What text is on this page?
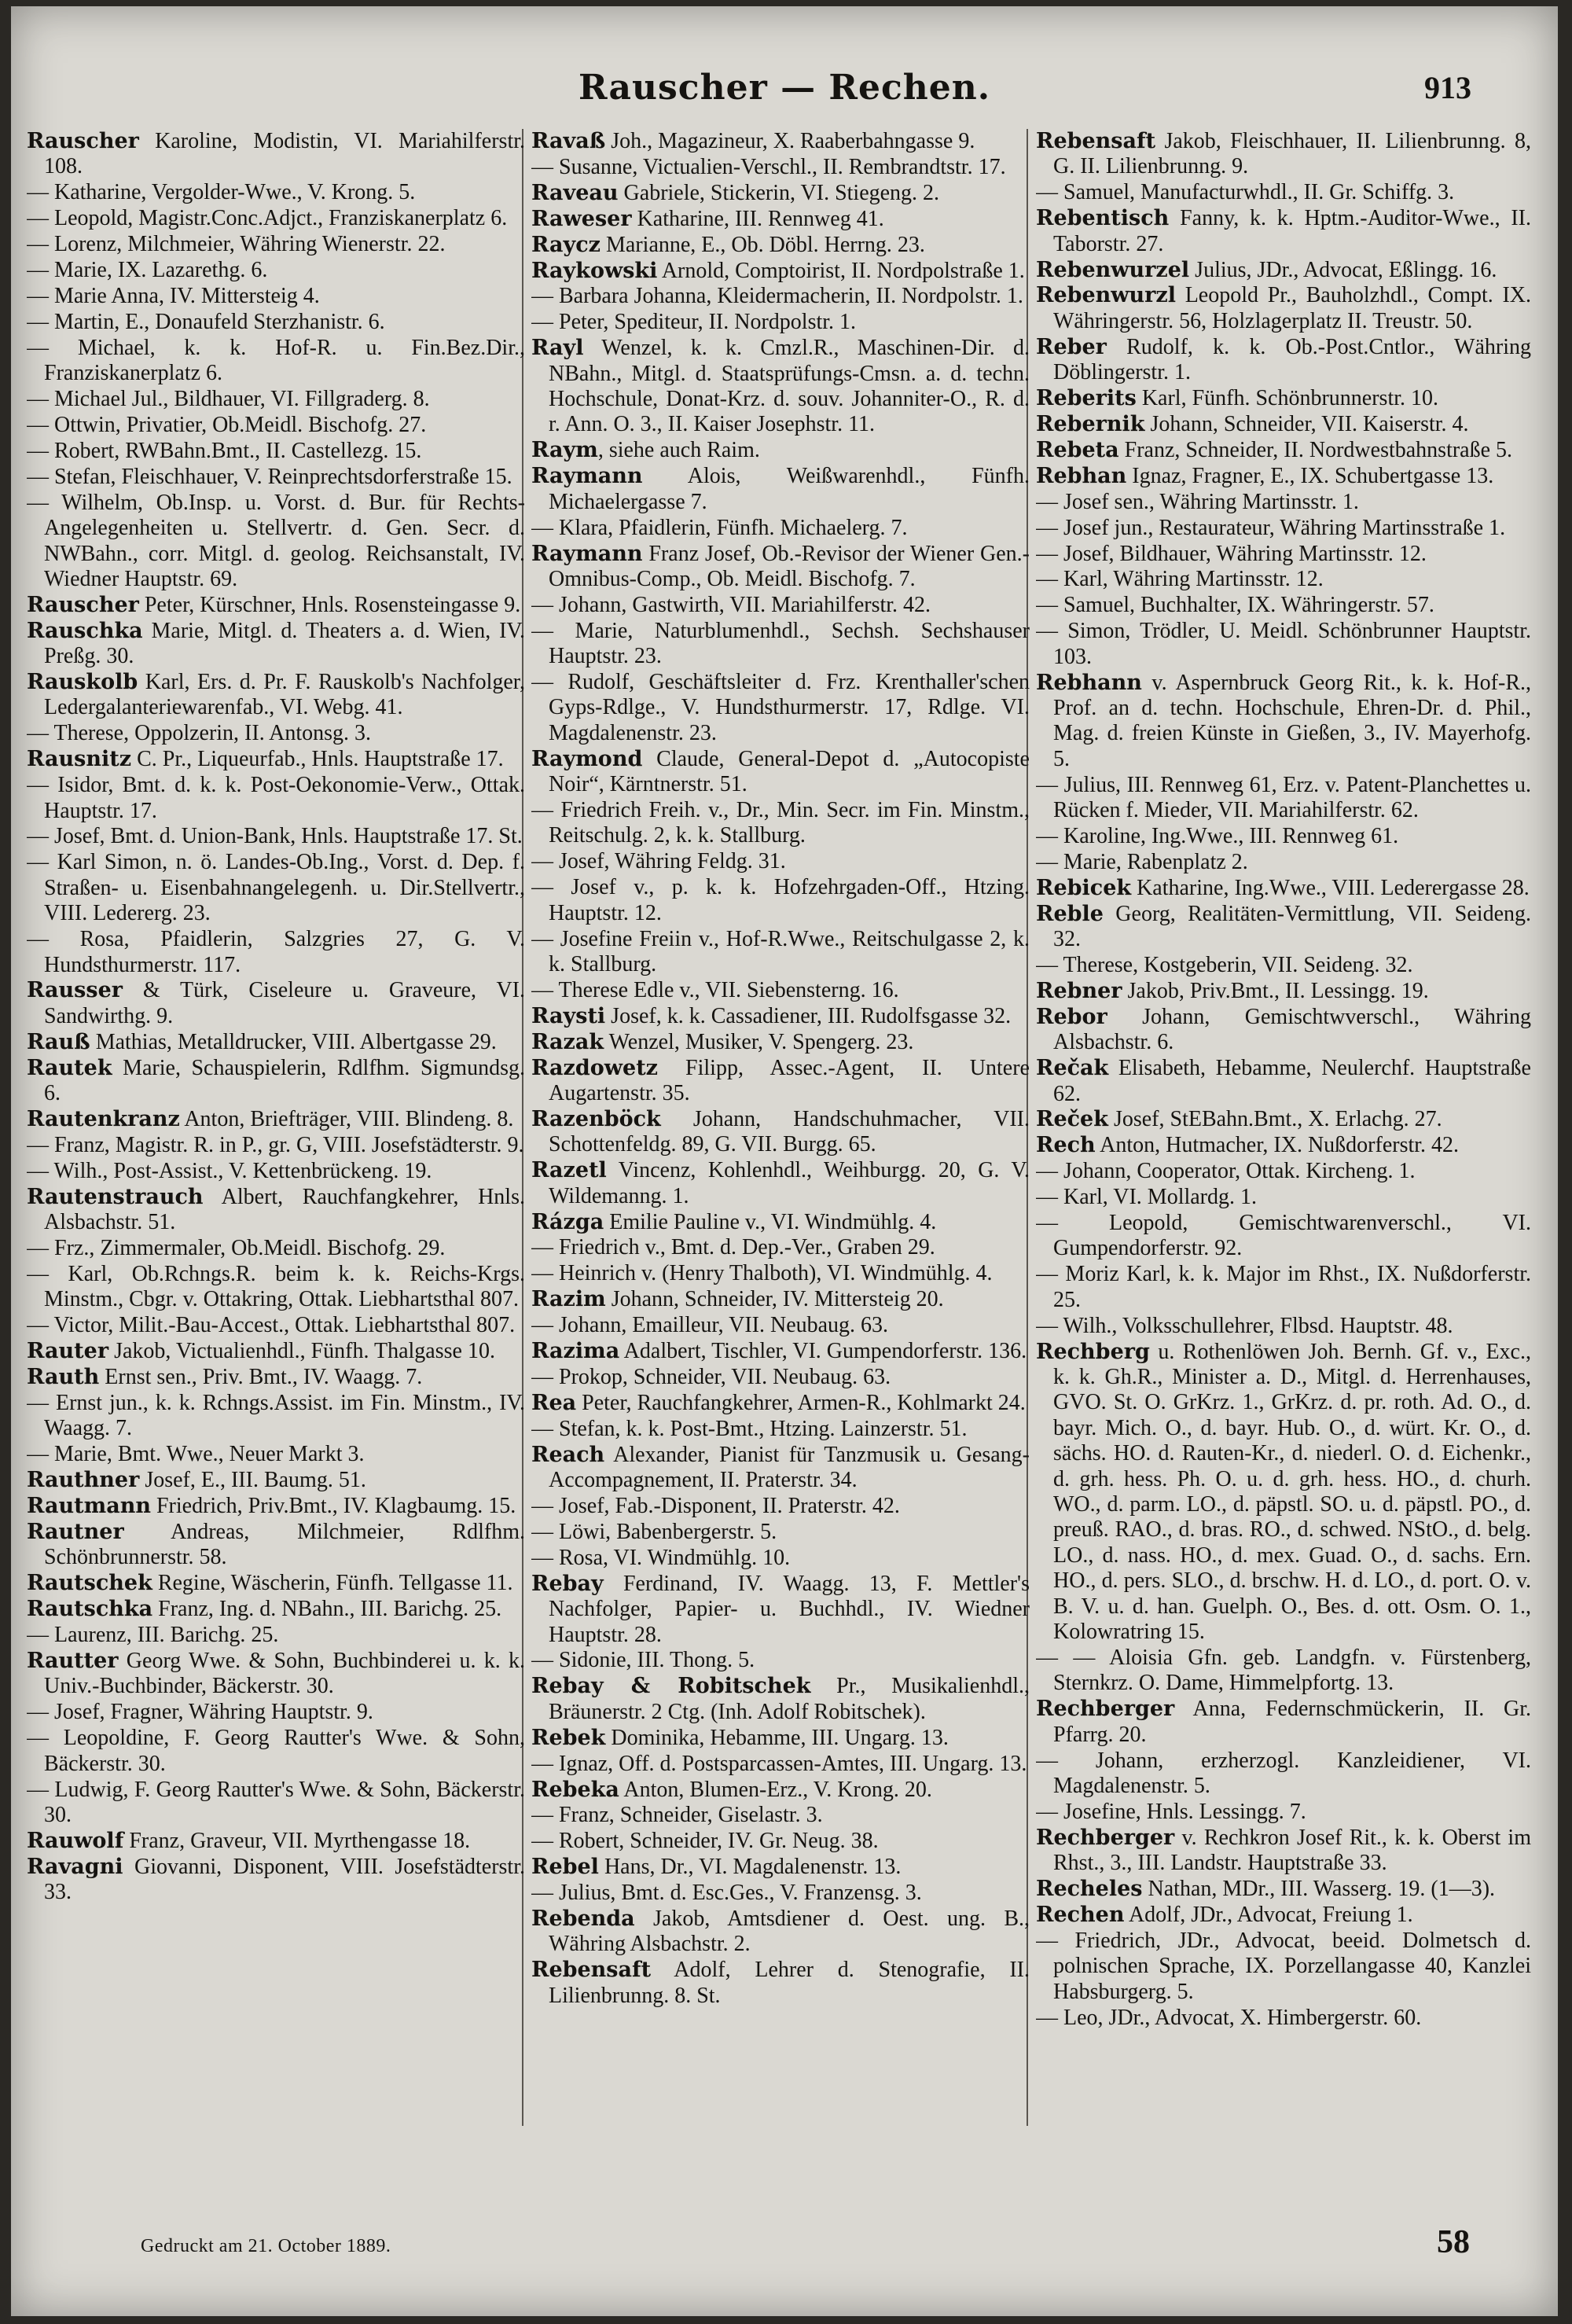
Rauscher — Rechen.	913

Rauscher Karoline, Modistin, VI. Mariahilferstr. 108.

— Katharine, Vergolder-Wwe., V. Krong. 5.

— Leopold, Magistr.Conc.Adjct., Franziskanerplatz 6.

— Lorenz, Milchmeier, Währing Wienerstr. 22.

— Marie, IX. Lazarethg. 6.

— Marie Anna, IV. Mittersteig 4.

— Martin, E., Donaufeld Sterzhanistr. 6.

— Michael, k. k. Hof-R. u. Fin.Bez.Dir., Franziskanerplatz 6.

— Michael Jul., Bildhauer, VI. Fillgraderg. 8.

— Ottwin, Privatier, Ob.Meidl. Bischofg. 27.

— Robert, RWBahn.Bmt., II. Castellezg. 15.

— Stefan, Fleischhauer, V. Reinprechtsdorferstraße 15.

— Wilhelm, Ob.Insp. u. Vorst. d. Bur. für Rechts-Angelegenheiten u. Stellvertr. d. Gen. Secr. d. NWBahn., corr. Mitgl. d. geolog. Reichsanstalt, IV. Wiedner Hauptstr. 69.

Rauscher Peter, Kürschner, Hnls. Rosensteingasse 9.

Rauschka Marie, Mitgl. d. Theaters a. d. Wien, IV. Preßg. 30.

Rauskolb Karl, Ers. d. Pr. F. Rauskolb's Nachfolger, Ledergalanteriewarenfab., VI. Webg. 41.

— Therese, Oppolzerin, II. Antonsg. 3.

Rausnitz C. Pr., Liqueurfab., Hnls. Hauptstraße 17.

— Isidor, Bmt. d. k. k. Post-Oekonomie-Verw., Ottak. Hauptstr. 17.

— Josef, Bmt. d. Union-Bank, Hnls. Hauptstraße 17. St.

— Karl Simon, n. ö. Landes-Ob.Ing., Vorst. d. Dep. f. Straßen- u. Eisenbahnangelegenh. u. Dir.Stellvertr., VIII. Ledererg. 23.

— Rosa, Pfaidlerin, Salzgries 27, G. V. Hundsthurmerstr. 117.

Rausser & Türk, Ciseleure u. Graveure, VI. Sandwirthg. 9.

Rauß Mathias, Metalldrucker, VIII. Albertgasse 29.

Rautek Marie, Schauspielerin, Rdlfhm. Sigmundsg. 6.

Rautenkranz Anton, Briefträger, VIII. Blindeng. 8.

— Franz, Magistr. R. in P., gr. G, VIII. Josefstädterstr. 9.

— Wilh., Post-Assist., V. Kettenbrückeng. 19.

Rautenstrauch Albert, Rauchfangkehrer, Hnls. Alsbachstr. 51.

— Frz., Zimmermaler, Ob.Meidl. Bischofg. 29.

— Karl, Ob.Rchngs.R. beim k. k. Reichs-Krgs. Minstm., Cbgr. v. Ottakring, Ottak. Liebhartsthal 807.

— Victor, Milit.-Bau-Accest., Ottak. Liebhartsthal 807.

Rauter Jakob, Victualienhdl., Fünfh. Thalgasse 10.

Rauth Ernst sen., Priv. Bmt., IV. Waagg. 7.

— Ernst jun., k. k. Rchngs.Assist. im Fin. Minstm., IV. Waagg. 7.

— Marie, Bmt. Wwe., Neuer Markt 3.

Rauthner Josef, E., III. Baumg. 51.

Rautmann Friedrich, Priv.Bmt., IV. Klagbaumg. 15.

Rautner Andreas, Milchmeier, Rdlfhm. Schönbrunnerstr. 58.

Rautschek Regine, Wäscherin, Fünfh. Tellgasse 11.

Rautschka Franz, Ing. d. NBahn., III. Barichg. 25.

— Laurenz, III. Barichg. 25.

Rautter Georg Wwe. & Sohn, Buchbinderei u. k. k. Univ.-Buchbinder, Bäckerstr. 30.

— Josef, Fragner, Währing Hauptstr. 9.

— Leopoldine, F. Georg Rautter's Wwe. & Sohn, Bäckerstr. 30.

— Ludwig, F. Georg Rautter's Wwe. & Sohn, Bäckerstr. 30.

Rauwolf Franz, Graveur, VII. Myrthengasse 18.

Ravagni Giovanni, Disponent, VIII. Josefstädterstr. 33.

Ravaß Joh., Magazineur, X. Raaberbahngasse 9.

— Susanne, Victualien-Verschl., II. Rembrandtstr. 17.

Raveau Gabriele, Stickerin, VI. Stiegeng. 2.

Raweser Katharine, III. Rennweg 41.

Raycz Marianne, E., Ob. Döbl. Herrng. 23.

Raykowski Arnold, Comptoirist, II. Nordpolstraße 1.

— Barbara Johanna, Kleidermacherin, II. Nordpolstr. 1.

— Peter, Spediteur, II. Nordpolstr. 1.

Rayl Wenzel, k. k. Cmzl.R., Maschinen-Dir. d. NBahn., Mitgl. d. Staatsprüfungs-Cmsn. a. d. techn. Hochschule, Donat-Krz. d. souv. Johanniter-O., R. d. r. Ann. O. 3., II. Kaiser Josephstr. 11.

Raym, siehe auch Raim.

Raymann Alois, Weißwarenhdl., Fünfh. Michaelergasse 7.

— Klara, Pfaidlerin, Fünfh. Michaelerg. 7.

Raymann Franz Josef, Ob.-Revisor der Wiener Gen.-Omnibus-Comp., Ob. Meidl. Bischofg. 7.

— Johann, Gastwirth, VII. Mariahilferstr. 42.

— Marie, Naturblumenhdl., Sechsh. Sechshauser Hauptstr. 23.

— Rudolf, Geschäftsleiter d. Frz. Krenthaller'schen Gyps-Rdlge., V. Hundsthurmerstr. 17, Rdlge. VI. Magdalenenstr. 23.

Raymond Claude, General-Depot d. „Autocopiste Noir“, Kärntnerstr. 51.

— Friedrich Freih. v., Dr., Min. Secr. im Fin. Minstm., Reitschulg. 2, k. k. Stallburg.

— Josef, Währing Feldg. 31.

— Josef v., p. k. k. Hofzehrgaden-Off., Htzing. Hauptstr. 12.

— Josefine Freiin v., Hof-R.Wwe., Reitschulgasse 2, k. k. Stallburg.

— Therese Edle v., VII. Siebensterng. 16.

Raysti Josef, k. k. Cassadiener, III. Rudolfsgasse 32.

Razak Wenzel, Musiker, V. Spengerg. 23.

Razdowetz Filipp, Assec.-Agent, II. Untere Augartenstr. 35.

Razenböck Johann, Handschuhmacher, VII. Schottenfeldg. 89, G. VII. Burgg. 65.

Razetl Vincenz, Kohlenhdl., Weihburgg. 20, G. V. Wildemanng. 1.

Rázga Emilie Pauline v., VI. Windmühlg. 4.

— Friedrich v., Bmt. d. Dep.-Ver., Graben 29.

— Heinrich v. (Henry Thalboth), VI. Windmühlg. 4.

Razim Johann, Schneider, IV. Mittersteig 20.

— Johann, Emailleur, VII. Neubaug. 63.

Razima Adalbert, Tischler, VI. Gumpendorferstr. 136.

— Prokop, Schneider, VII. Neubaug. 63.

Rea Peter, Rauchfangkehrer, Armen-R., Kohlmarkt 24.

— Stefan, k. k. Post-Bmt., Htzing. Lainzerstr. 51.

Reach Alexander, Pianist für Tanzmusik u. Gesang-Accompagnement, II. Praterstr. 34.

— Josef, Fab.-Disponent, II. Praterstr. 42.

— Löwi, Babenbergerstr. 5.

— Rosa, VI. Windmühlg. 10.

Rebay Ferdinand, IV. Waagg. 13, F. Mettler's Nachfolger, Papier- u. Buchhdl., IV. Wiedner Hauptstr. 28.

— Sidonie, III. Thong. 5.

Rebay & Robitschek Pr., Musikalienhdl., Bräunerstr. 2 Ctg. (Inh. Adolf Robitschek).

Rebek Dominika, Hebamme, III. Ungarg. 13.

— Ignaz, Off. d. Postsparcassen-Amtes, III. Ungarg. 13.

Rebeka Anton, Blumen-Erz., V. Krong. 20.

— Franz, Schneider, Giselastr. 3.

— Robert, Schneider, IV. Gr. Neug. 38.

Rebel Hans, Dr., VI. Magdalenenstr. 13.

— Julius, Bmt. d. Esc.Ges., V. Franzensg. 3.

Rebenda Jakob, Amtsdiener d. Oest. ung. B., Währing Alsbachstr. 2.

Rebensaft Adolf, Lehrer d. Stenografie, II. Lilienbrunng. 8. St.

Rebensaft Jakob, Fleischhauer, II. Lilienbrunng. 8, G. II. Lilienbrunng. 9.

— Samuel, Manufacturwhdl., II. Gr. Schiffg. 3.

Rebentisch Fanny, k. k. Hptm.-Auditor-Wwe., II. Taborstr. 27.

Rebenwurzel Julius, JDr., Advocat, Eßlingg. 16.

Rebenwurzl Leopold Pr., Bauholzhdl., Compt. IX. Währingerstr. 56, Holzlagerplatz II. Treustr. 50.

Reber Rudolf, k. k. Ob.-Post.Cntlor., Währing Döblingerstr. 1.

Reberits Karl, Fünfh. Schönbrunnerstr. 10.

Rebernik Johann, Schneider, VII. Kaiserstr. 4.

Rebeta Franz, Schneider, II. Nordwestbahnstraße 5.

Rebhan Ignaz, Fragner, E., IX. Schubertgasse 13.

— Josef sen., Währing Martinsstr. 1.

— Josef jun., Restaurateur, Währing Martinsstraße 1.

— Josef, Bildhauer, Währing Martinsstr. 12.

— Karl, Währing Martinsstr. 12.

— Samuel, Buchhalter, IX. Währingerstr. 57.

— Simon, Trödler, U. Meidl. Schönbrunner Hauptstr. 103.

Rebhann v. Aspernbruck Georg Rit., k. k. Hof-R., Prof. an d. techn. Hochschule, Ehren-Dr. d. Phil., Mag. d. freien Künste in Gießen, 3., IV. Mayerhofg. 5.

— Julius, III. Rennweg 61, Erz. v. Patent-Planchettes u. Rücken f. Mieder, VII. Mariahilferstr. 62.

— Karoline, Ing.Wwe., III. Rennweg 61.

— Marie, Rabenplatz 2.

Rebicek Katharine, Ing.Wwe., VIII. Lederergasse 28.

Reble Georg, Realitäten-Vermittlung, VII. Seideng. 32.

— Therese, Kostgeberin, VII. Seideng. 32.

Rebner Jakob, Priv.Bmt., II. Lessingg. 19.

Rebor Johann, Gemischtwverschl., Währing Alsbachstr. 6.

Rečak Elisabeth, Hebamme, Neulerchf. Hauptstraße 62.

Reček Josef, StEBahn.Bmt., X. Erlachg. 27.

Rech Anton, Hutmacher, IX. Nußdorferstr. 42.

— Johann, Cooperator, Ottak. Kircheng. 1.

— Karl, VI. Mollardg. 1.

— Leopold, Gemischtwarenverschl., VI. Gumpendorferstr. 92.

— Moriz Karl, k. k. Major im Rhst., IX. Nußdorferstr. 25.

— Wilh., Volksschullehrer, Flbsd. Hauptstr. 48.

Rechberg u. Rothenlöwen Joh. Bernh. Gf. v., Exc., k. k. Gh.R., Minister a. D., Mitgl. d. Herrenhauses, GVO. St. O. GrKrz. 1., GrKrz. d. pr. roth. Ad. O., d. bayr. Mich. O., d. bayr. Hub. O., d. würt. Kr. O., d. sächs. HO. d. Rauten-Kr., d. niederl. O. d. Eichenkr., d. grh. hess. Ph. O. u. d. grh. hess. HO., d. churh. WO., d. parm. LO., d. päpstl. SO. u. d. päpstl. PO., d. preuß. RAO., d. bras. RO., d. schwed. NStO., d. belg. LO., d. nass. HO., d. mex. Guad. O., d. sachs. Ern. HO., d. pers. SLO., d. brschw. H. d. LO., d. port. O. v. B. V. u. d. han. Guelph. O., Bes. d. ott. Osm. O. 1., Kolowratring 15.

— — Aloisia Gfn. geb. Landgfn. v. Fürstenberg, Sternkrz. O. Dame, Himmelpfortg. 13.

Rechberger Anna, Federnschmückerin, II. Gr. Pfarrg. 20.

— Johann, erzherzogl. Kanzleidiener, VI. Magdalenenstr. 5.

— Josefine, Hnls. Lessingg. 7.

Rechberger v. Rechkron Josef Rit., k. k. Oberst im Rhst., 3., III. Landstr. Hauptstraße 33.

Recheles Nathan, MDr., III. Wasserg. 19. (1—3).

Rechen Adolf, JDr., Advocat, Freiung 1.

— Friedrich, JDr., Advocat, beeid. Dolmetsch d. polnischen Sprache, IX. Porzellangasse 40, Kanzlei Habsburgerg. 5.

— Leo, JDr., Advocat, X. Himbergerstr. 60.

Gedruckt am 21. October 1889.	58
